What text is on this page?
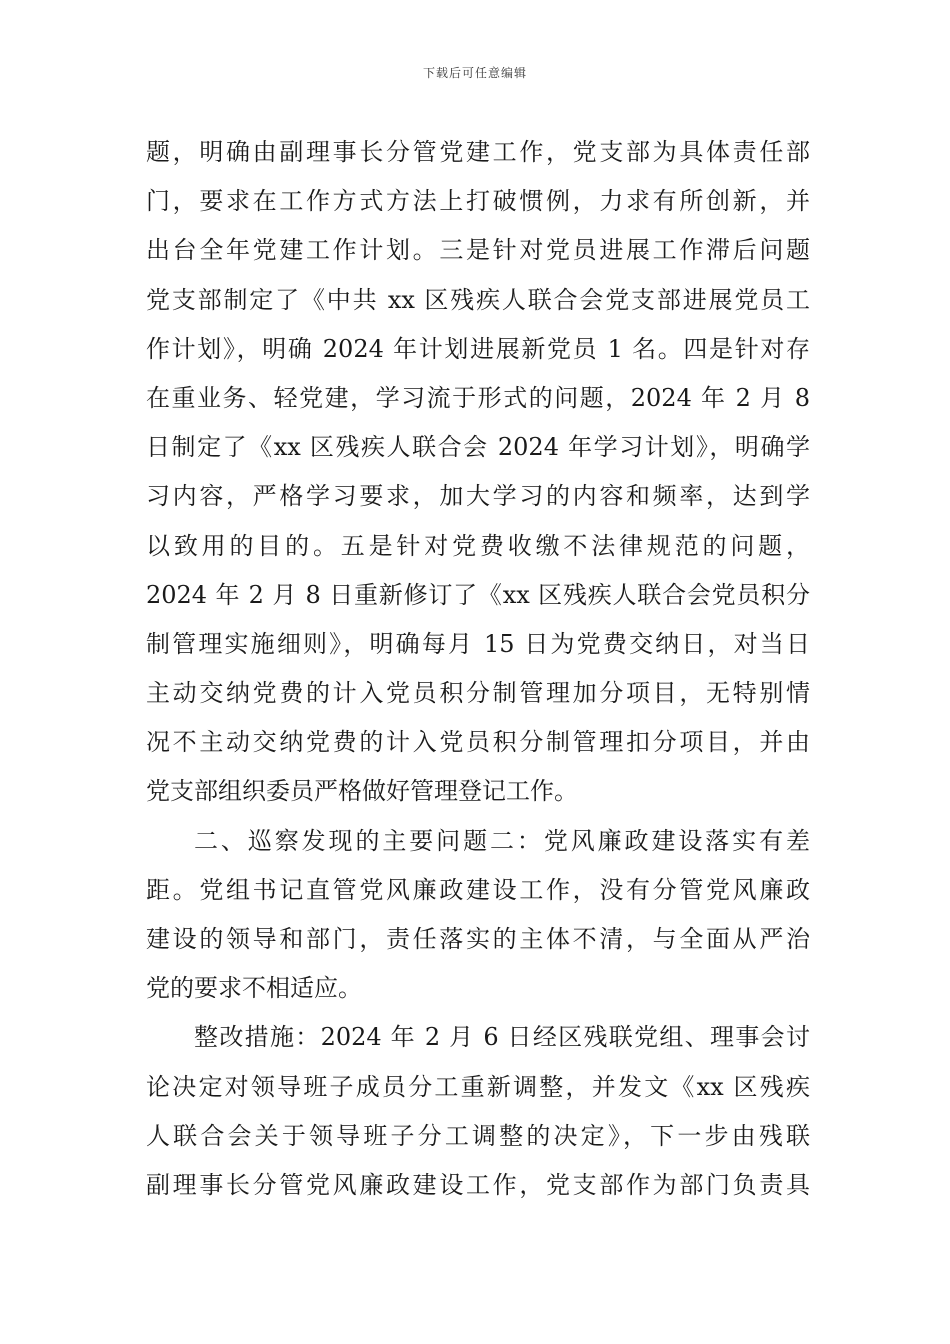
下载后可任意编辑
题，明确由副理事长分管党建工作，党支部为具体责任部
门，要求在工作方式方法上打破惯例，力求有所创新，并
出台全年党建工作计划。三是针对党员进展工作滞后问题
党支部制定了《中共 xx 区残疾人联合会党支部进展党员工
作计划》，明确 2024 年计划进展新党员 1 名。四是针对存
在重业务、轻党建，学习流于形式的问题，2024 年 2 月 8
日制定了《xx 区残疾人联合会 2024 年学习计划》，明确学
习内容，严格学习要求，加大学习的内容和频率，达到学
以致用的目的。五是针对党费收缴不法律规范的问题，
2024 年 2 月 8 日重新修订了《xx 区残疾人联合会党员积分
制管理实施细则》，明确每月 15 日为党费交纳日，对当日
主动交纳党费的计入党员积分制管理加分项目，无特别情
况不主动交纳党费的计入党员积分制管理扣分项目，并由
党支部组织委员严格做好管理登记工作。
二、巡察发现的主要问题二：党风廉政建设落实有差
距。党组书记直管党风廉政建设工作，没有分管党风廉政
建设的领导和部门，责任落实的主体不清，与全面从严治
党的要求不相适应。
整改措施：2024 年 2 月 6 日经区残联党组、理事会讨
论决定对领导班子成员分工重新调整，并发文《xx 区残疾
人联合会关于领导班子分工调整的决定》，下一步由残联
副理事长分管党风廉政建设工作，党支部作为部门负责具
